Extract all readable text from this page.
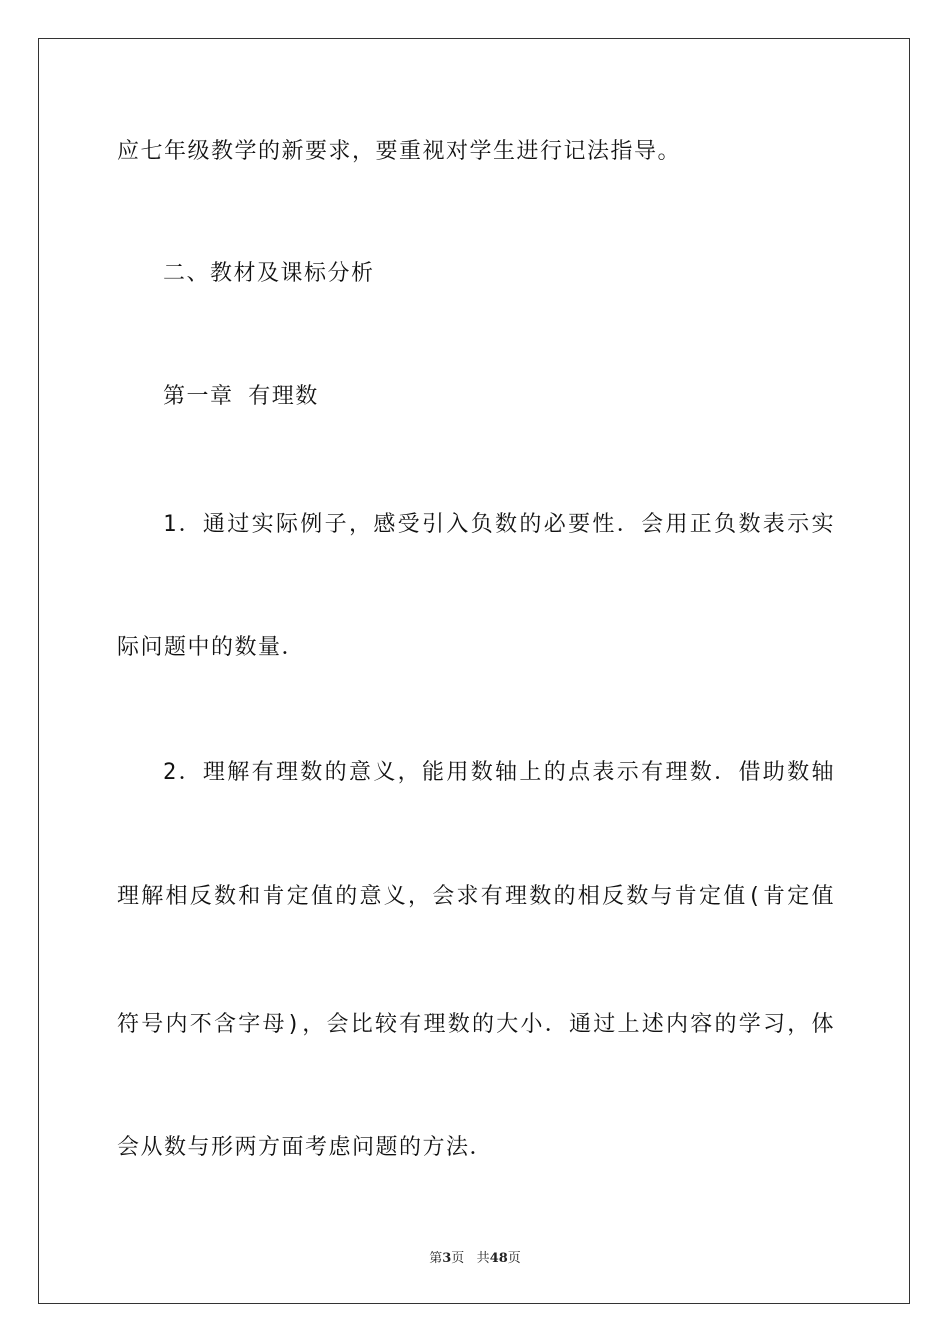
应七年级教学的新要求，要重视对学生进行记法指导。
二、教材及课标分析
第一章 有理数
1．通过实际例子，感受引入负数的必要性．会用正负数表示实
际问题中的数量．
2．理解有理数的意义，能用数轴上的点表示有理数．借助数轴
理解相反数和肯定值的意义，会求有理数的相反数与肯定值(肯定值
符号内不含字母)，会比较有理数的大小．通过上述内容的学习，体
会从数与形两方面考虑问题的方法．
第3页 共48页
